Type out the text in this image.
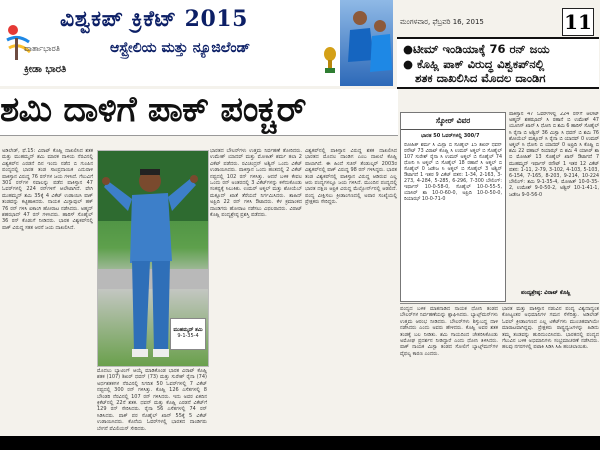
ವಿಶ್ವಕಪ್ ಕ್ರಿಕೆಟ್ 2015
ವಾರ್ತಾಭಾರತಿ
ಕ್ರೀಡಾ ಭಾರತಿ
ಆಸ್ಟ್ರೇಲಿಯ ಮತ್ತು ನ್ಯೂಜಿಲೆಂಡ್
ಮಂಗಳವಾರ, ಫೆಬ್ರವರಿ 16, 2015	11
●ಟೀಮ್ ಇಂಡಿಯಾಕ್ಕೆ 76 ರನ್ ಜಯ
● ಕೊಹ್ಲಿ ಪಾಕ್ ವಿರುದ್ಧ ವಿಶ್ವಕಪ್‌ನಲ್ಲಿ
ಶತಕ ದಾಖಲಿಸಿದ ಮೊದಲ ದಾಂಡಿಗ
ಶಮಿ ದಾಳಿಗೆ ಪಾಕ್ ಪಂಕ್ಚರ್
ಅಡಿಲೇಡ್, ಫೆ.15: ವಿರಾಟ್ ಕೊಹ್ಲಿ ದಾಖಲಿಸಿದ ಶತಕ ಮತ್ತು ಮುಹಮ್ಮದ್ ಶಮಿ ಮಾರಕ ದಾಳಿಯ ನೆರವಿನಲ್ಲಿ ವಿಶ್ವಕಪ್‌ನ ಎರಡನೆ ದಿನ ಇಂದು ನಡೆದ ಬಿ ಗುಂಪಿನ ಪಂದ್ಯದಲ್ಲಿ ಭಾರತ ತಂಡ ಸಾಂಪ್ರದಾಯಿಕ ಎದುರಾಳಿ ಪಾಕಿಸ್ತಾನ ವಿರುದ್ಧ 76 ರನ್‌ಗಳ ಜಯ ಗಳಿಸಿದೆ. ಗೆಲುವಿಗೆ 301 ರನ್‌ಗಳ ಸವಾಲನ್ನು ಪಡೆದ ಪಾಕಿಸ್ತಾನ 47 ಓವರ್‌ಗಳಲ್ಲಿ 224 ರನ್‌ಗಳಿಗೆ ಆಲೌಟಾಗಿದೆ. ವೇಗಿ ಮುಹಮ್ಮದ್ ಶಮಿ 35ಕ್ಕೆ 4 ವಿಕೆಟ್ ಉಡಾಯಿಸಿ ಪಾಕ್ ತಂಡವನ್ನು ಕಟ್ಟಿಹಾಕಿದರು. ನಾಯಕ ಮಿಸ್ಬಾವುಲ್ ಹಕ್ 76 ರನ್ ಗಳಿಸಿ ಏಕಾಂಗಿ ಹೋರಾಟ ನಡೆಸಿದರು. ಅಹ್ಮದ್ ಶಹಝಾದ್ 47 ರನ್ ಗಳಿಸಿದರು. ಹಾರಿಸ್ ಸೊಹೈಲ್ 36 ರನ್ ಕೊಡುಗೆ ನೀಡಿದರು. ಭಾರತ ವಿಶ್ವಕಪ್‌ನಲ್ಲಿ ಪಾಕ್ ವಿರುದ್ಧ ಸತತ ಆರನೆ ಜಯ ದಾಖಲಿಸಿದೆ.
ಮುಹಮ್ಮದ್ ಶಮಿ
9-1-35-4
ಮೊದಲು ಬ್ಯಾಟಿಂಗ್ ಆಯ್ಕೆ ಮಾಡಿಕೊಂಡ ಭಾರತ ವಿರಾಟ್ ಕೊಹ್ಲಿ ಶತಕ (107) ಶಿಖರ್ ಧವನ್ (73) ಮತ್ತು ಸುರೇಶ್ ರೈನಾ (74) ಅರ್ಧಶತಕಗಳ ನೆರವಿನಲ್ಲಿ ನಿಗದಿತ 50 ಓವರ್‌ಗಳಲ್ಲಿ 7 ವಿಕೆಟ್ ನಷ್ಟದಲ್ಲಿ 300 ರನ್ ಗಳಿಸಿತ್ತು. ಕೊಹ್ಲಿ 126 ಎಸೆತಗಳಲ್ಲಿ 8 ಬೌಂಡರಿ ನೆರವಿನಲ್ಲಿ 107 ರನ್ ಗಳಿಸಿದರು. ಇದು ಅವರ ಏಕದಿನ ಕ್ರಿಕೆಟ್‌ನಲ್ಲಿ 22ನೆ ಶತಕ. ಧವನ್ ಮತ್ತು ಕೊಹ್ಲಿ ಎರಡನೆ ವಿಕೆಟ್‌ಗೆ 129 ರನ್ ಸೇರಿಸಿದರು. ರೈನಾ 56 ಎಸೆತಗಳಲ್ಲಿ 74 ರನ್ ಸಿಡಿಸಿದರು. ಪಾಕ್ ಪರ ಸೊಹೈಲ್ ಖಾನ್ 55ಕ್ಕೆ 5 ವಿಕೆಟ್ ಉಡಾಯಿಸಿದರು. ಕೊನೆಯ ಓವರ್‌ಗಳಲ್ಲಿ ಭಾರತದ ದಾಂಡಿಗರು ಬೇಗನೆ ಪೆವಿಲಿಯನ್ ಸೇರಿದರು.
ಭಾರತದ ಬೌಲರ್‌ಗಳು ಉತ್ತಮ ನಿರ್ವಹಣೆ ತೋರಿದರು. ಉಮೇಶ್ ಯಾದವ್ ಮತ್ತು ಮೋಹಿತ್ ಶರ್ಮ ತಲಾ 2 ವಿಕೆಟ್ ಪಡೆದರು. ರವಿಚಂದ್ರನ್ ಅಶ್ವಿನ್ ಒಂದು ವಿಕೆಟ್ ಉಡಾಯಿಸಿದರು. ಪಾಕಿಸ್ತಾನ ಒಂದು ಹಂತದಲ್ಲಿ 2 ವಿಕೆಟ್ ನಷ್ಟದಲ್ಲಿ 102 ರನ್ ಗಳಿಸಿತ್ತು. ಆದರೆ ಬಳಿಕ ಕೇವಲ ಒಂದು ರನ್ ಅಂತರದಲ್ಲಿ 3 ವಿಕೆಟ್‌ಗಳನ್ನು ಕಳೆದುಕೊಂಡು ಸಂಕಷ್ಟಕ್ಕೆ ಸಿಲುಕಿತು. ಉಮರ್ ಅಕ್ಮಲ್ ಮತ್ತು ಶೋಯೆಬ್ ಮಕ್ಸೂದ್ ಖಾತೆ ತೆರೆಯದೆ ನಿರ್ಗಮಿಸಿದರು. ಶಾಹಿದ್ ಅಫ್ರಿದಿ 22 ರನ್ ಗಳಿಸಿ ಔಟಾದರು. ಕೆಳ ಕ್ರಮಾಂಕದ ದಾಂಡಿಗರು ಹೋರಾಟ ನಡೆಸಲು ವಿಫಲರಾದರು. ವಿರಾಟ್ ಕೊಹ್ಲಿ ಪಂದ್ಯಶ್ರೇಷ್ಠ ಪ್ರಶಸ್ತಿ ಪಡೆದರು.
ವಿಶ್ವಕಪ್‌ನಲ್ಲಿ ಪಾಕಿಸ್ತಾನ ವಿರುದ್ಧ ಶತಕ ದಾಖಲಿಸಿದ ಭಾರತದ ಮೊದಲ ದಾಂಡಿಗ ಎಂಬ ದಾಖಲೆ ಕೊಹ್ಲಿ ಪಾಲಾಗಿದೆ. ಈ ಹಿಂದೆ ಸಚಿನ್ ತೆಂಡುಲ್ಕರ್ 2003ರ ವಿಶ್ವಕಪ್‌ನಲ್ಲಿ ಪಾಕ್ ವಿರುದ್ಧ 98 ರನ್ ಗಳಿಸಿದ್ದರು. ಭಾರತ ತಂಡ ವಿಶ್ವಕಪ್‌ನಲ್ಲಿ ಪಾಕಿಸ್ತಾನ ವಿರುದ್ಧ ಆಡಿರುವ ಎಲ್ಲ ಆರು ಪಂದ್ಯಗಳಲ್ಲೂ ಜಯ ಗಳಿಸಿದೆ. ಮುಂದಿನ ಪಂದ್ಯದಲ್ಲಿ ಭಾರತ ದಕ್ಷಿಣ ಆಫ್ರಿಕ ವಿರುದ್ಧ ಮೆಲ್ಬೋರ್ನ್‌ನಲ್ಲಿ ಆಡಲಿದೆ. ಪಂದ್ಯ ವೀಕ್ಷಿಸಲು ಕ್ರೀಡಾಂಗಣದಲ್ಲಿ ಅಪಾರ ಸಂಖ್ಯೆಯಲ್ಲಿ ಪ್ರೇಕ್ಷಕರು ಸೇರಿದ್ದರು.
ಸ್ಕೋರ್ ವಿವರ
ಭಾರತ 50 ಓವರ್‌ಗಳಲ್ಲಿ 300/7
ರೋಹಿತ್ ಶರ್ಮ ಸಿ ಮಿಸ್ಬಾ ಬಿ ಸೊಹೈಲ್ 15 ಶಿಖರ್ ಧವನ್ ರನೌಟ್ 73 ವಿರಾಟ್ ಕೊಹ್ಲಿ ಸಿ ಉಮರ್ ಅಕ್ಮಲ್ ಬಿ ಸೊಹೈಲ್ 107 ಸುರೇಶ್ ರೈನಾ ಸಿ ಉಮರ್ ಅಕ್ಮಲ್ ಬಿ ಸೊಹೈಲ್ 74 ಧೋನಿ ಸಿ ಅಕ್ಮಲ್ ಬಿ ಸೊಹೈಲ್ 18 ರಹಾನೆ ಸಿ ಅಕ್ಮಲ್ ಬಿ ಸೊಹೈಲ್ 0 ಜಡೇಜ ಸಿ ಅಕ್ಮಲ್ ಬಿ ಸೊಹೈಲ್ 3 ಅಶ್ವಿನ್ ಔಟಾಗದೆ 1 ಇತರ 9 ವಿಕೆಟ್ ಪತನ: 1-34, 2-163, 3-273, 4-284, 5-285, 6-296, 7-300 ಬೌಲಿಂಗ್: ಇರ್ಫಾನ್ 10-0-58-0, ಸೊಹೈಲ್ 10-0-55-5, ಯಾಸಿರ್ ಶಾ 10-0-60-0, ಅಫ್ರಿದಿ 10-0-50-0, ರಿಯಾಝ್ 10-0-71-0
ಪಾಕಿಸ್ತಾನ 47 ಓವರ್‌ಗಳಲ್ಲಿ 224 ರನ್‌ಗೆ ಆಲೌಟ್ ಅಹ್ಮದ್ ಶಹಝಾದ್ ಸಿ ರಹಾನೆ ಬಿ ಉಮೇಶ್ 47 ಯೂನಿಸ್ ಖಾನ್ ಸಿ ಧೋನಿ ಬಿ ಶಮಿ 6 ಹಾರಿಸ್ ಸೊಹೈಲ್ ಸಿ ರೈನಾ ಬಿ ಅಶ್ವಿನ್ 36 ಮಿಸ್ಬಾ ಸಿ ಧವನ್ ಬಿ ಶಮಿ 76 ಶೋಯೆಬ್ ಮಕ್ಸೂದ್ ಸಿ ರೈನಾ ಬಿ ಯಾದವ್ 0 ಉಮರ್ ಅಕ್ಮಲ್ ಸಿ ಧೋನಿ ಬಿ ಯಾದವ್ 0 ಅಫ್ರಿದಿ ಸಿ ಕೊಹ್ಲಿ ಬಿ ಶಮಿ 22 ವಹಾಬ್ ರಿಯಾಝ್ ಬಿ ಶಮಿ 4 ಯಾಸಿರ್ ಶಾ ಬಿ ಮೋಹಿತ್ 13 ಸೊಹೈಲ್ ಖಾನ್ ಔಟಾಗದೆ 7 ಮುಹಮ್ಮದ್ ಇರ್ಫಾನ್ ರನೌಟ್ 1 ಇತರ 12 ವಿಕೆಟ್ ಪತನ: 1-11, 2-79, 3-102, 4-103, 5-103, 6-154, 7-165, 8-203, 9-214, 10-224 ಬೌಲಿಂಗ್: ಶಮಿ 9-1-35-4, ಮೋಹಿತ್ 10-0-35-2, ಉಮೇಶ್ 9-0-50-2, ಅಶ್ವಿನ್ 10-1-41-1, ಜಡೇಜ 9-0-56-0
ಪಂದ್ಯಶ್ರೇಷ್ಠ: ವಿರಾಟ್ ಕೊಹ್ಲಿ
ಪಂದ್ಯದ ಬಳಿಕ ಮಾತನಾಡಿದ ನಾಯಕ ಧೋನಿ ತಂಡದ ಬೌಲರ್‌ಗಳ ನಿರ್ವಹಣೆಯನ್ನು ಶ್ಲಾಘಿಸಿದರು. ಬ್ಯಾಟ್ಸ್‌ಮನ್‌ಗಳು ಉತ್ತಮ ಆರಂಭ ನೀಡಿದರು. ಬೌಲರ್‌ಗಳು ಶಿಸ್ತುಬದ್ಧ ದಾಳಿ ನಡೆಸಿದರು ಎಂದು ಅವರು ಹೇಳಿದರು. ಕೊಹ್ಲಿ ಅವರ ಶತಕ ತಂಡಕ್ಕೆ ಬಲ ನೀಡಿತು. ಶಮಿ ಗಾಯದಿಂದ ಚೇತರಿಸಿಕೊಂಡು ಅಮೋಘ ಪ್ರದರ್ಶನ ನೀಡಿದ್ದಾರೆ ಎಂದು ಧೋನಿ ತಿಳಿಸಿದರು. ಪಾಕ್ ನಾಯಕ ಮಿಸ್ಬಾ ತಂಡದ ಸೋಲಿಗೆ ಬ್ಯಾಟ್ಸ್‌ಮನ್‌ಗಳ ವೈಫಲ್ಯ ಕಾರಣ ಎಂದರು.
ಭಾರತ ಮತ್ತು ಪಾಕಿಸ್ತಾನ ನಡುವಿನ ಪಂದ್ಯ ವಿಶ್ವದಾದ್ಯಂತ ಕೋಟ್ಯಂತರ ಅಭಿಮಾನಿಗಳ ಗಮನ ಸೆಳೆದಿತ್ತು. ಅಡಿಲೇಡ್ ಓವಲ್ ಕ್ರೀಡಾಂಗಣದ ಎಲ್ಲ ಟಿಕೆಟ್‌ಗಳು ಮುಂಚಿತವಾಗಿಯೇ ಮಾರಾಟವಾಗಿದ್ದವು. ಪ್ರೇಕ್ಷಕರು ರಾಷ್ಟ್ರಧ್ವಜಗಳನ್ನು ಹಿಡಿದು ತಮ್ಮ ತಂಡವನ್ನು ಹುರಿದುಂಬಿಸಿದರು. ಭಾರತದಲ್ಲಿ ಪಂದ್ಯದ ಗೆಲುವಿನ ಬಳಿಕ ಅಭಿಮಾನಿಗಳು ಸಂಭ್ರಮಾಚರಣೆ ನಡೆಸಿದರು. ಹಲವು ನಗರಗಳಲ್ಲಿ ಪಟಾಕಿ ಸಿಡಿಸಿ ಸಿಹಿ ಹಂಚಲಾಯಿತು.
